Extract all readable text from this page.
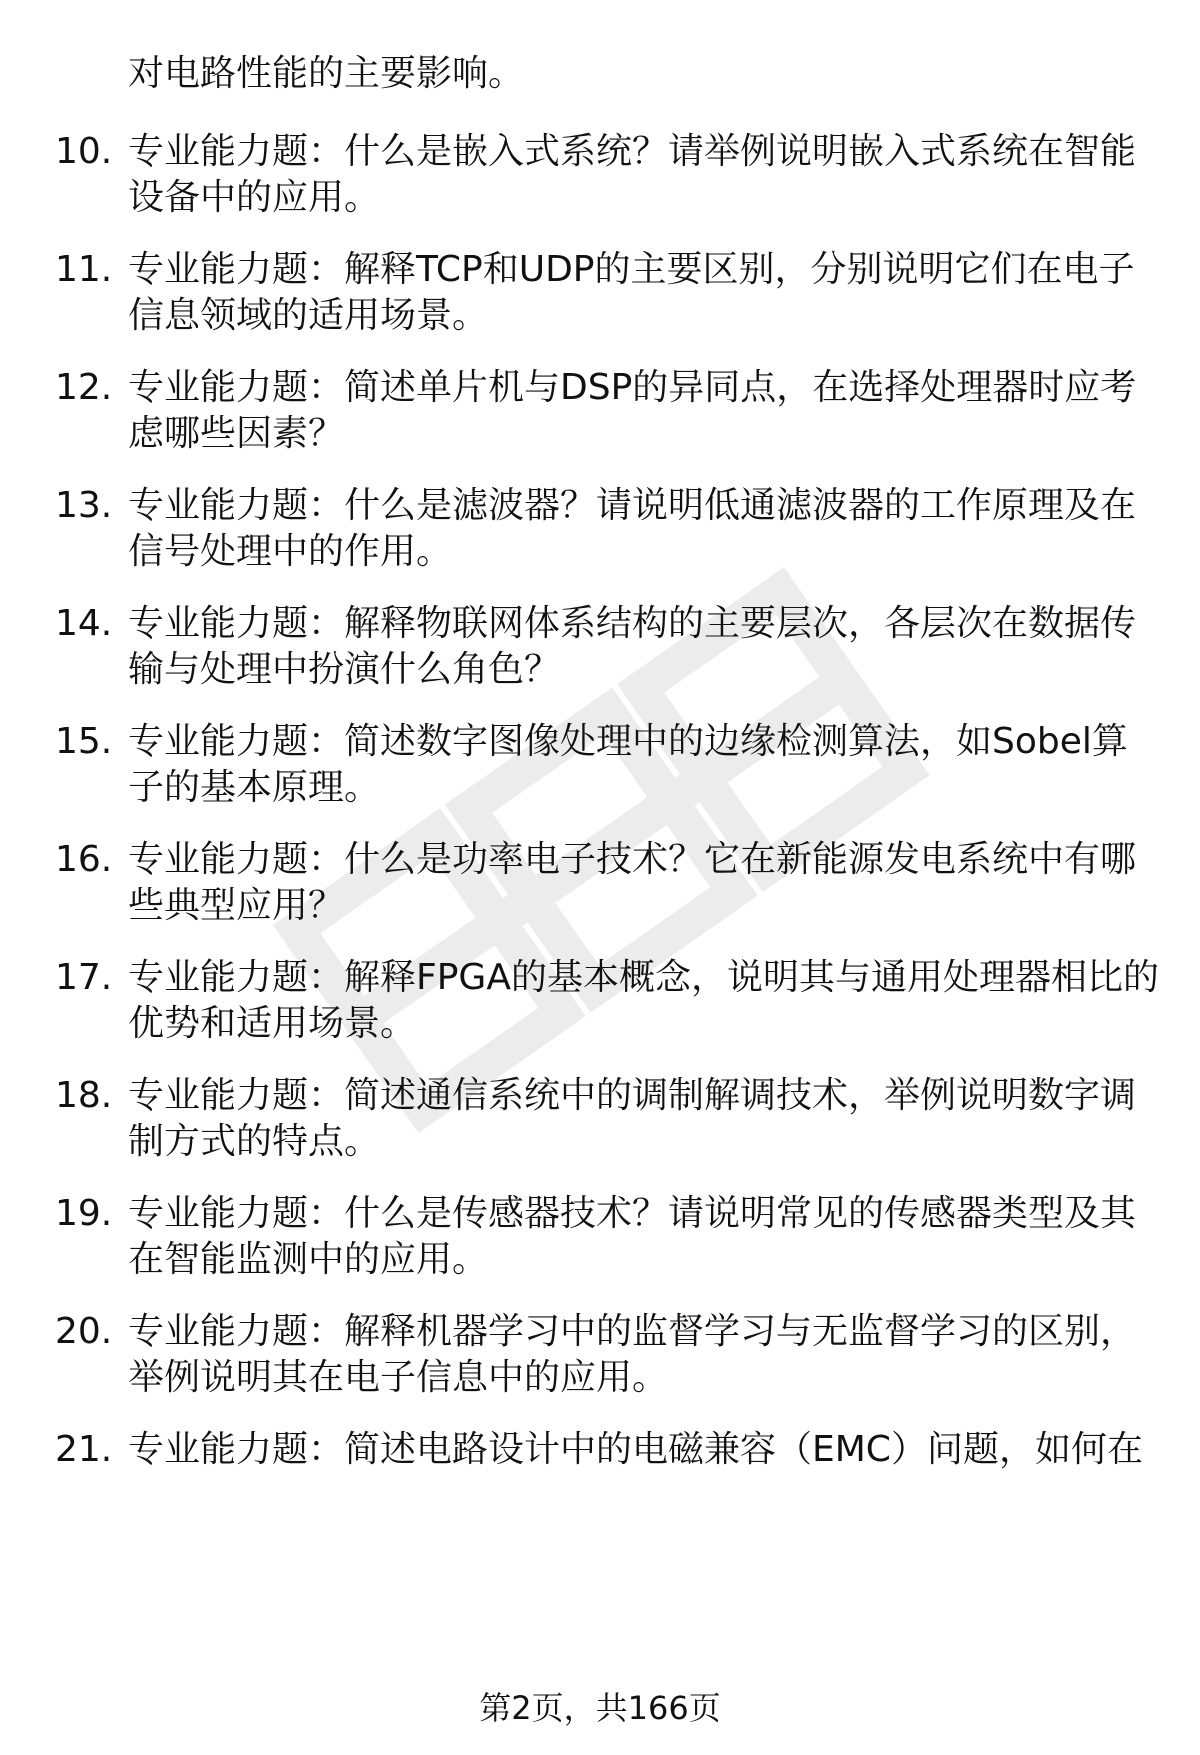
对电路性能的主要影响。
10. 专业能力题：什么是嵌入式系统？请举例说明嵌入式系统在智能
设备中的应用。
11. 专业能力题：解释TCP和UDP的主要区别，分别说明它们在电子
信息领域的适用场景。
12. 专业能力题：简述单片机与DSP的异同点，在选择处理器时应考
虑哪些因素？
13. 专业能力题：什么是滤波器？请说明低通滤波器的工作原理及在
信号处理中的作用。
14. 专业能力题：解释物联网体系结构的主要层次，各层次在数据传
输与处理中扮演什么角色？
15. 专业能力题：简述数字图像处理中的边缘检测算法，如Sobel算
子的基本原理。
16. 专业能力题：什么是功率电子技术？它在新能源发电系统中有哪
些典型应用？
17. 专业能力题：解释FPGA的基本概念，说明其与通用处理器相比的
优势和适用场景。
18. 专业能力题：简述通信系统中的调制解调技术，举例说明数字调
制方式的特点。
19. 专业能力题：什么是传感器技术？请说明常见的传感器类型及其
在智能监测中的应用。
20. 专业能力题：解释机器学习中的监督学习与无监督学习的区别，
举例说明其在电子信息中的应用。
21. 专业能力题：简述电路设计中的电磁兼容（EMC）问题，如何在
第2页，共166页
